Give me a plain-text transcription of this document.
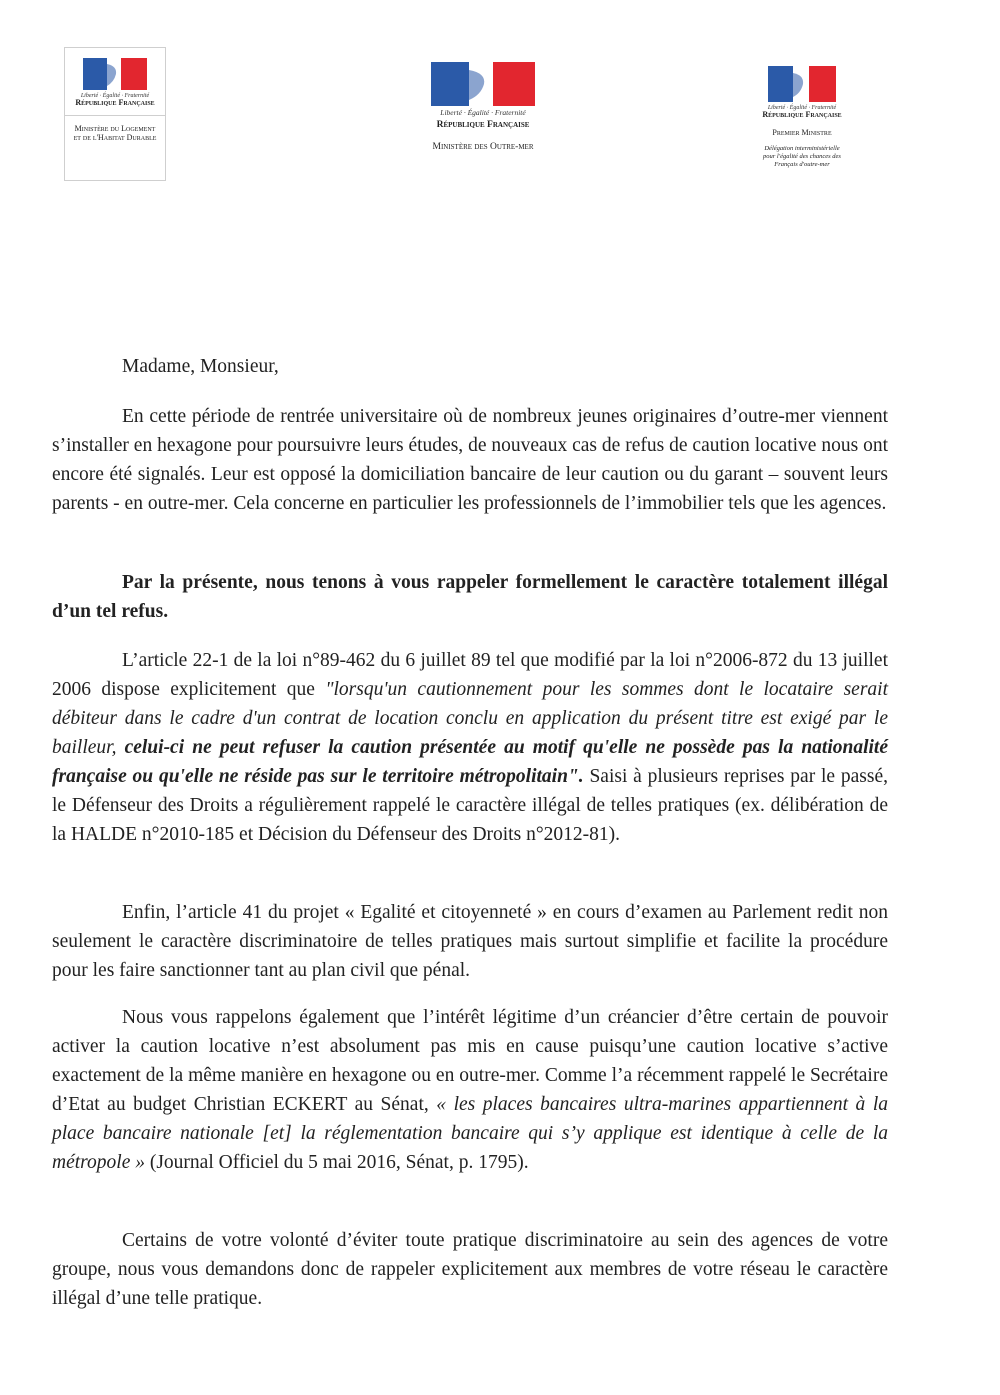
Liberté · Égalité · Fraternité
République Française
Ministère du Logement et de l'Habitat Durable
Liberté · Égalité · Fraternité
République Française
Ministère des Outre-mer
Liberté · Égalité · Fraternité
République Française
Premier Ministre
Délégation interministérielle pour l'égalité des chances des Français d'outre-mer
Madame, Monsieur,

En cette période de rentrée universitaire où de nombreux jeunes originaires d’outre-mer viennent s’installer en hexagone pour poursuivre leurs études, de nouveaux cas de refus de caution locative nous ont encore été signalés. Leur est opposé la domiciliation bancaire de leur caution ou du garant – souvent leurs parents - en outre-mer. Cela concerne en particulier les professionnels de l’immobilier tels que les agences.

Par la présente, nous tenons à vous rappeler formellement le caractère totalement illégal d’un tel refus.

L’article 22-1 de la loi n°89-462 du 6 juillet 89 tel que modifié par la loi n°2006-872 du 13 juillet 2006 dispose explicitement que "lorsqu'un cautionnement pour les sommes dont le locataire serait débiteur dans le cadre d'un contrat de location conclu en application du présent titre est exigé par le bailleur, celui-ci ne peut refuser la caution présentée au motif qu'elle ne possède pas la nationalité française ou qu'elle ne réside pas sur le territoire métropolitain". Saisi à plusieurs reprises par le passé, le Défenseur des Droits a régulièrement rappelé le caractère illégal de telles pratiques (ex. délibération de la HALDE n°2010-185 et Décision du Défenseur des Droits n°2012-81).

Enfin, l’article 41 du projet « Egalité et citoyenneté » en cours d’examen au Parlement redit non seulement le caractère discriminatoire de telles pratiques mais surtout simplifie et facilite la procédure pour les faire sanctionner tant au plan civil que pénal.

Nous vous rappelons également que l’intérêt légitime d’un créancier d’être certain de pouvoir activer la caution locative n’est absolument pas mis en cause puisqu’une caution locative s’active exactement de la même manière en hexagone ou en outre-mer. Comme l’a récemment rappelé le Secrétaire d’Etat au budget Christian ECKERT au Sénat, « les places bancaires ultra-marines appartiennent à la place bancaire nationale [et] la réglementation bancaire qui s’y applique est identique à celle de la métropole » (Journal Officiel du 5 mai 2016, Sénat, p. 1795).

Certains de votre volonté d’éviter toute pratique discriminatoire au sein des agences de votre groupe, nous vous demandons donc de rappeler explicitement aux membres de votre réseau le caractère illégal d’une telle pratique.
